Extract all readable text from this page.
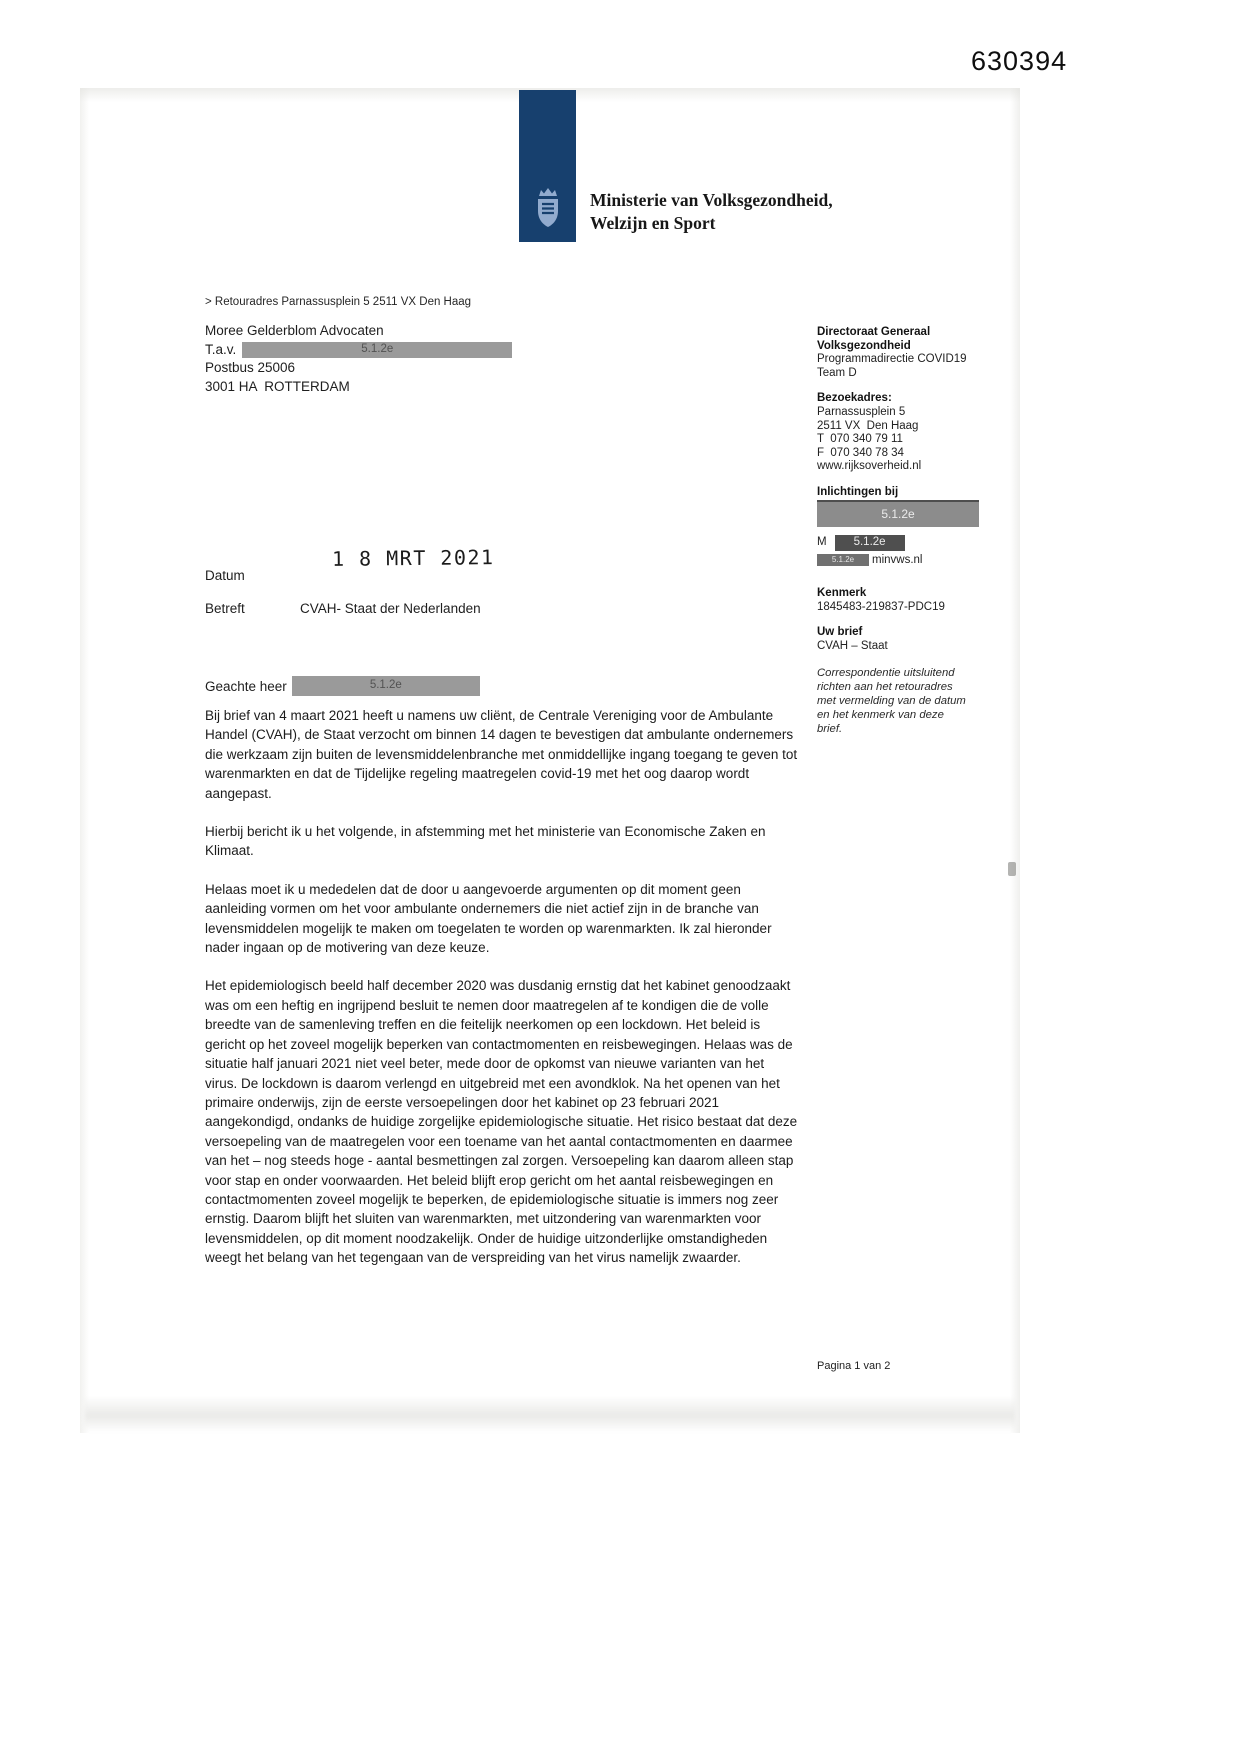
630394
Ministerie van Volksgezondheid,
Welzijn en Sport
> Retouradres Parnassusplein 5 2511 VX Den Haag
Moree Gelderblom Advocaten
T.a.v.	5.1.2e
Postbus 25006
3001 HA  ROTTERDAM
Directoraat Generaal
Volksgezondheid
Programmadirectie COVID19
Team D
Bezoekadres:
Parnassusplein 5
2511 VX  Den Haag
T  070 340 79 11
F  070 340 78 34
www.rijksoverheid.nl
Inlichtingen bij
5.1.2e
M 5.1.2e
5.1.2e minvws.nl
Kenmerk
1845483-219837-PDC19
Uw brief
CVAH – Staat
Correspondentie uitsluitend richten aan het retouradres met vermelding van de datum en het kenmerk van deze brief.
Datum
1 8 MRT 2021
Betreft	CVAH- Staat der Nederlanden
Geachte heer	5.1.2e

Bij brief van 4 maart 2021 heeft u namens uw cliënt, de Centrale Vereniging voor de Ambulante Handel (CVAH), de Staat verzocht om binnen 14 dagen te bevestigen dat ambulante ondernemers die werkzaam zijn buiten de levensmiddelenbranche met onmiddellijke ingang toegang te geven tot warenmarkten en dat de Tijdelijke regeling maatregelen covid-19 met het oog daarop wordt aangepast.

Hierbij bericht ik u het volgende, in afstemming met het ministerie van Economische Zaken en Klimaat.

Helaas moet ik u mededelen dat de door u aangevoerde argumenten op dit moment geen aanleiding vormen om het voor ambulante ondernemers die niet actief zijn in de branche van levensmiddelen mogelijk te maken om toegelaten te worden op warenmarkten. Ik zal hieronder nader ingaan op de motivering van deze keuze.

Het epidemiologisch beeld half december 2020 was dusdanig ernstig dat het kabinet genoodzaakt was om een heftig en ingrijpend besluit te nemen door maatregelen af te kondigen die de volle breedte van de samenleving treffen en die feitelijk neerkomen op een lockdown. Het beleid is gericht op het zoveel mogelijk beperken van contactmomenten en reisbewegingen. Helaas was de situatie half januari 2021 niet veel beter, mede door de opkomst van nieuwe varianten van het virus. De lockdown is daarom verlengd en uitgebreid met een avondklok. Na het openen van het primaire onderwijs, zijn de eerste versoepelingen door het kabinet op 23 februari 2021 aangekondigd, ondanks de huidige zorgelijke epidemiologische situatie. Het risico bestaat dat deze versoepeling van de maatregelen voor een toename van het aantal contactmomenten en daarmee van het – nog steeds hoge - aantal besmettingen zal zorgen. Versoepeling kan daarom alleen stap voor stap en onder voorwaarden. Het beleid blijft erop gericht om het aantal reisbewegingen en contactmomenten zoveel mogelijk te beperken, de epidemiologische situatie is immers nog zeer ernstig. Daarom blijft het sluiten van warenmarkten, met uitzondering van warenmarkten voor levensmiddelen, op dit moment noodzakelijk. Onder de huidige uitzonderlijke omstandigheden weegt het belang van het tegengaan van de verspreiding van het virus namelijk zwaarder.

Pagina 1 van 2
